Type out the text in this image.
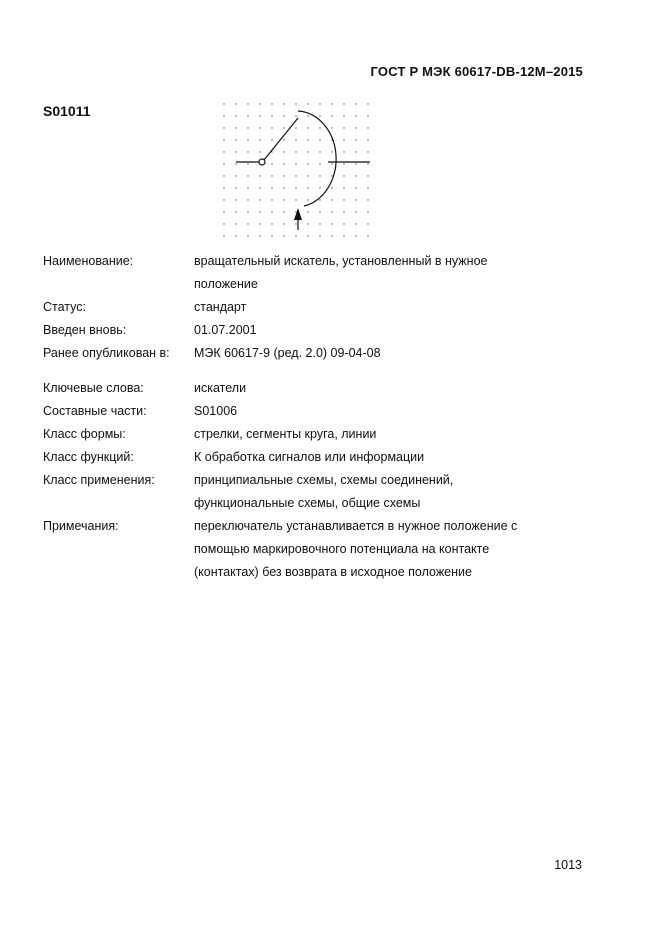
ГОСТ Р МЭК 60617-DB-12M–2015
S01011
Наименование:	вращательный искатель, установленный в нужное
положение
Статус:	стандарт
Введен вновь:	01.07.2001
Ранее опубликован в:	МЭК 60617-9 (ред. 2.0) 09-04-08
Ключевые слова:	искатели
Составные части:	S01006
Класс формы:	стрелки, сегменты круга, линии
Класс функций:	К обработка сигналов или информации
Класс применения:	принципиальные схемы, схемы соединений,
функциональные схемы, общие схемы
Примечания:	переключатель устанавливается в нужное положение с
помощью маркировочного потенциала на контакте
(контактах) без возврата в исходное положение
1013
